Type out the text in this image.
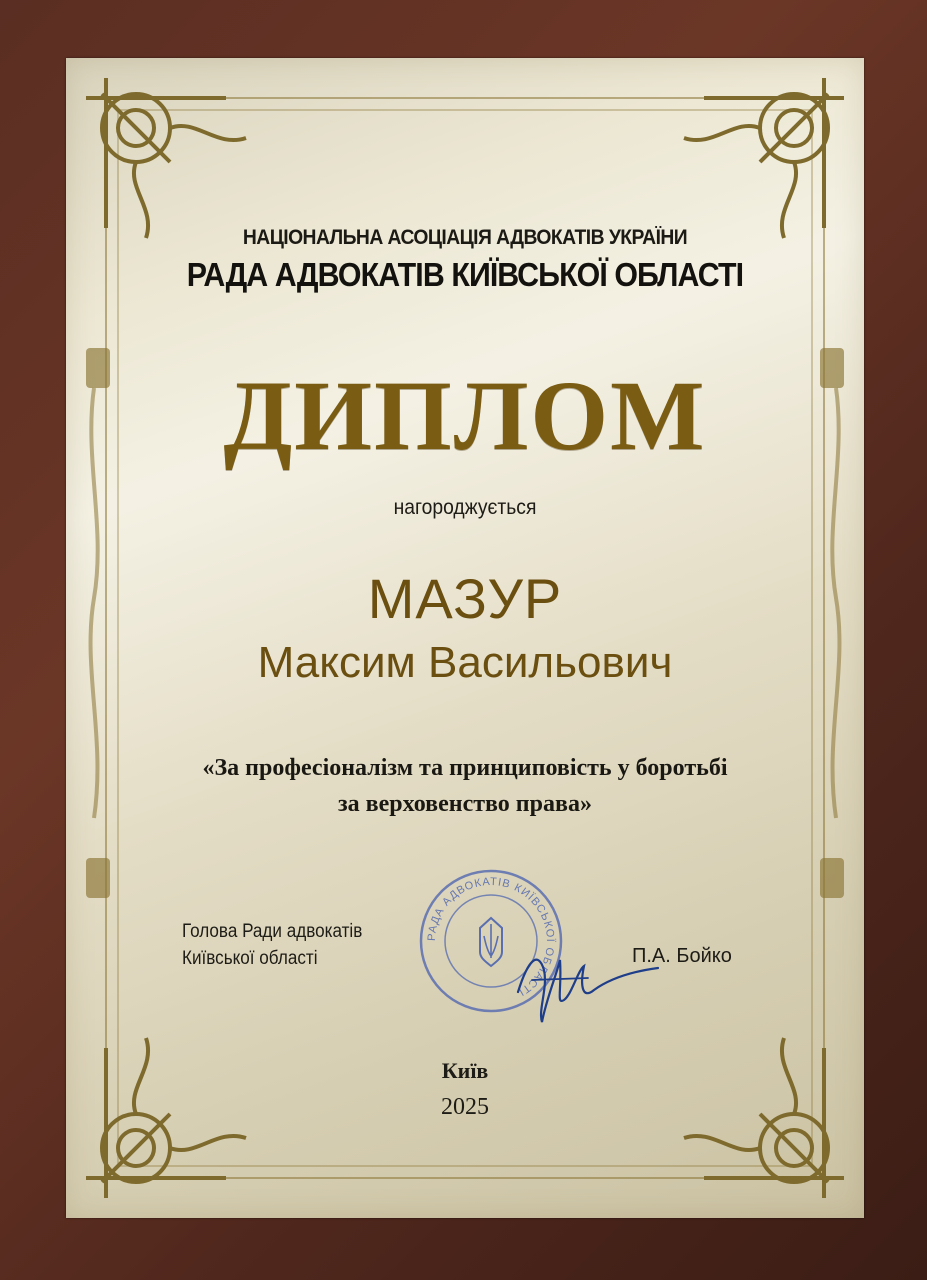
НАЦІОНАЛЬНА АСОЦІАЦІЯ АДВОКАТІВ УКРАЇНИ
РАДА АДВОКАТІВ КИЇВСЬКОЇ ОБЛАСТІ
ДИПЛОМ
нагороджується
МАЗУР
Максим Васильович
«За професіоналізм та принциповість у боротьбі
за верховенство права»
Голова Ради адвокатів
Київської області
РАДА АДВОКАТІВ КИЇВСЬКОЇ ОБЛАСТІ
П.А. Бойко
Київ
2025
